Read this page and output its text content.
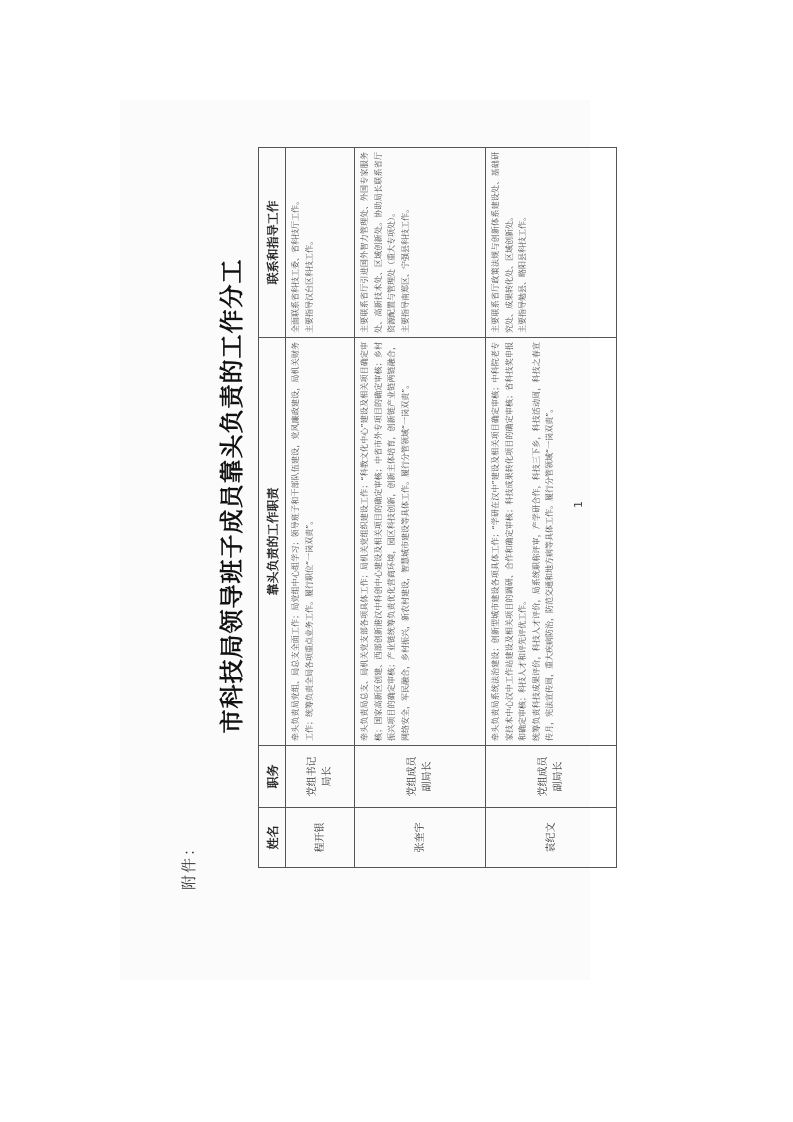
附件：
市科技局领导班子成员靠头负责的工作分工
姓名	职务	靠头负责的工作职责	联系和指导工作
程开银	党组书记
局长	牵头负责局党组、局总支全面工作；局党组中心组学习；领导班子和干部队伍建设，党风廉政建设，局机关财务工作；统筹负责全局各项重点业务工作。履行职位“一岗双责”。	全面联系省科技工委、省科技厅工作。
主要指导汉台区科技工作。
张奎宇	党组成员
副局长	牵头负责局总支、局机关党支部各项具体工作；局机关党组织建设工作；“科教文化中心”建设及相关项目确定审核；国家高新区创建、西部创新港汉中科创中心建设及相关项目的确定审核；中省市外专项目的确定审核；乡村振兴项目的确定审核；产业链统筹负责优化营商环境，园区科技创新，创新主体培育，创新链产业链两链融合，网络安全，军民融合，乡村振兴，新农村建设，智慧城市建设等具体工作。履行分管领域“一岗双责”。	主要联系省厅引进国外智力管理处、外国专家服务处、高新技术处、区域创新处。协助局长联系省厅资源配置与管理处（重大专项处）。
主要指导南郑区、宁强县科技工作。
袁纪文	党组成员
副局长	牵头负责局系统法治建设；创新型城市建设各项具体工作；“学研在汉中”建设及相关项目确定审核；中科院老专家技术中心汉中工作站建设及相关项目的调研、合作和确定审核；科技成果转化项目的确定审核；省科技奖申报和确定审核；科技人才和评先评优工作。
统筹负责科技成果评价，科技人才评价，局系统职称评审，产学研合作，科技三下乡，科技活动周，科技之春宣传月，宪法宣传周，重大疾病防治，防范交通和地方病等具体工作。履行分管领域“一岗双责”。	主要联系省厅政策法规与创新体系建设处、基础研究处、成果转化处、区域创新处。
主要指导勉县、略阳县科技工作。
1
